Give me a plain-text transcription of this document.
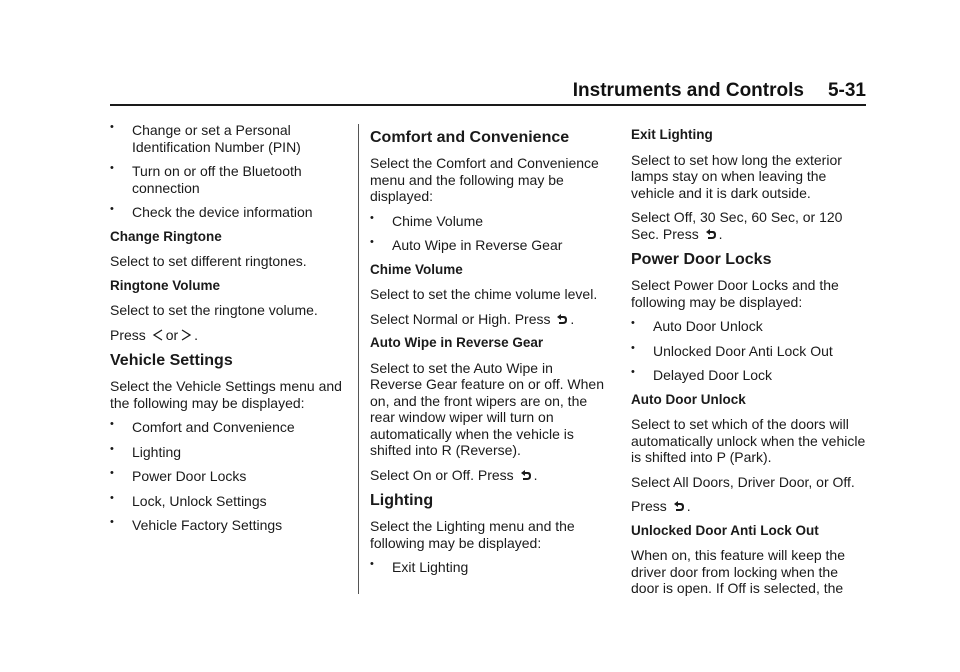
Instruments and Controls 5-31
• Change or set a Personal Identification Number (PIN)
• Turn on or off the Bluetooth connection
• Check the device information

Change Ringtone

Select to set different ringtones.

Ringtone Volume

Select to set the ringtone volume.

Press or .

Vehicle Settings

Select the Vehicle Settings menu and the following may be displayed:

• Comfort and Convenience
• Lighting
• Power Door Locks
• Lock, Unlock Settings
• Vehicle Factory Settings
Comfort and Convenience

Select the Comfort and Convenience menu and the following may be displayed:

• Chime Volume
• Auto Wipe in Reverse Gear

Chime Volume

Select to set the chime volume level.

Select Normal or High. Press .

Auto Wipe in Reverse Gear

Select to set the Auto Wipe in Reverse Gear feature on or off. When on, and the front wipers are on, the rear window wiper will turn on automatically when the vehicle is shifted into R (Reverse).

Select On or Off. Press .

Lighting

Select the Lighting menu and the following may be displayed:

• Exit Lighting

Exit Lighting

Select to set how long the exterior lamps stay on when leaving the vehicle and it is dark outside.

Select Off, 30 Sec, 60 Sec, or 120 Sec. Press .

Power Door Locks

Select Power Door Locks and the following may be displayed:

• Auto Door Unlock
• Unlocked Door Anti Lock Out
• Delayed Door Lock

Auto Door Unlock

Select to set which of the doors will automatically unlock when the vehicle is shifted into P (Park).

Select All Doors, Driver Door, or Off.

Press .

Unlocked Door Anti Lock Out

When on, this feature will keep the driver door from locking when the door is open. If Off is selected, the
